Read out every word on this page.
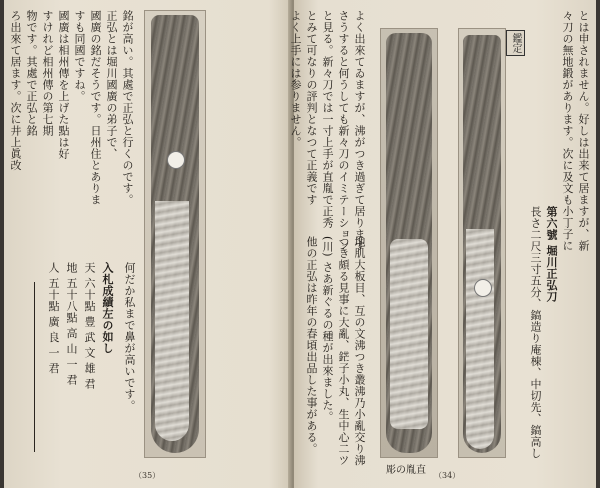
銘が高い。其處で正弘と行くのです。
正弘とは堀川國廣の弟子で、
國廣の銘だそうです。日州住とありま
すも同國ですね。
國廣は相州傳を上げた點は好
すけれど相州傳の第七期
物です。其處で正弘と銘
ろ出來て居ます。次に井上眞改
何だか私まで鼻が高いです。
入札成績左の如し
天 六十點 豊 武 文 雄 君
地 五十八點 高 山 一 君
人 五十點 廣 良 一 君
（35）	彫の胤直
鑑定	とは申されません。好しは出来て居ますが、新
々刀の無地鍛があります。次に及文も小丁子に
よく出來てゐますが、沸がつき過ぎて居ります
さうすると何うしても新々刀のイミテーション
と見る。新々刀では一寸上手が直胤で正秀
とみて可なりの評判となつて正義です
よく上手には参りません。
第六號 堀川正弘刀
長さ二尺三寸五分、鎬造り庵棟、中切先、鎬高し
地肌大板目、互の文沸つき叢沸乃小亂交り沸
つき頗る見事に大亂、鋩子小丸、生中心二ツ
(川) さあ新ぐるの種が出來ました。
他の正弘は昨年の春頃出品した事がある。
（34）
